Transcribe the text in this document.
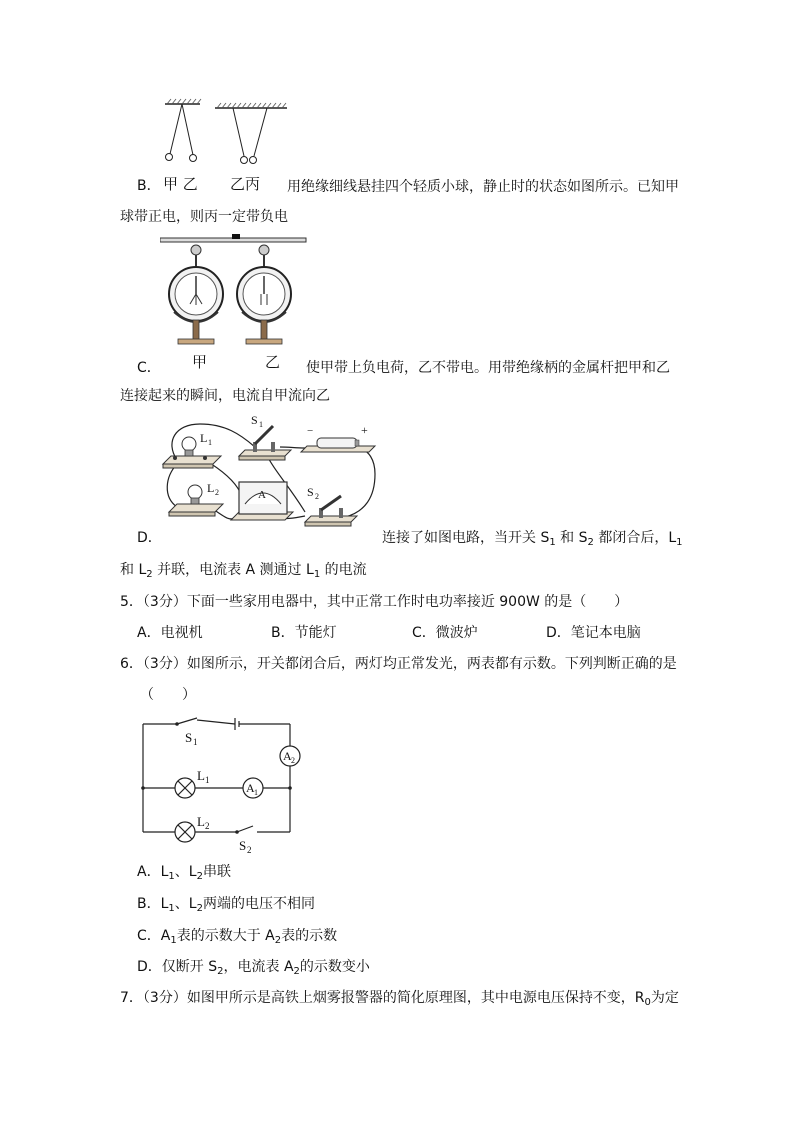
B． 甲 乙 乙丙 用绝缘细线悬挂四个轻质小球，静止时的状态如图所示。已知甲
球带正电，则丙一定带负电
C． 甲	乙 使甲带上负电荷，乙不带电。用带绝缘柄的金属杆把甲和乙
连接起来的瞬间，电流自甲流向乙
L 1
S 1
−	+
L 2	A	S 2
D．	连接了如图电路，当开关 $S_1$ 和 $S_2$ 都闭合后，$L_1$
和 $L_2$ 并联，电流表 A 测通过 $L_1$ 的电流
5．（3分）下面一些家用电器中，其中正常工作时电功率接近 900W 的是（　　）
A．电视机	B．节能灯	C．微波炉	D．笔记本电脑
6．（3分）如图所示，开关都闭合后，两灯均正常发光，两表都有示数。下列判断正确的是
（　　）
A 2
L 1
A 1
L 2
S 1
S 2
A．$L_1$、$L_2$串联
B．$L_1$、$L_2$两端的电压不相同
C．$A_1$表的示数大于 $A_2$表的示数
D．仅断开 $S_2$，电流表 $A_2$的示数变小
7．（3分）如图甲所示是高铁上烟雾报警器的简化原理图，其中电源电压保持不变，$R_0$为定
